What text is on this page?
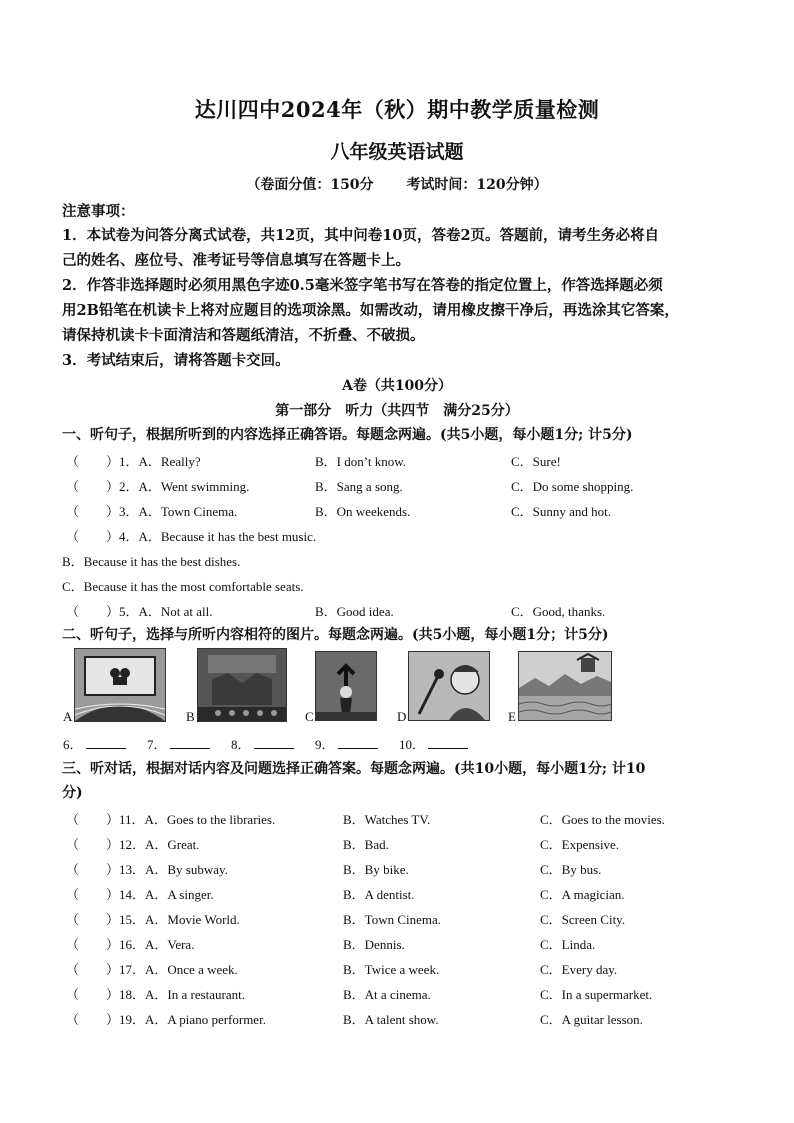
达川四中2024年（秋）期中教学质量检测
八年级英语试题
（卷面分值：150分 考试时间：120分钟）
注意事项：
1．本试卷为问答分离式试卷，共12页，其中问卷10页，答卷2页。答题前，请考生务必将自
己的姓名、座位号、准考证号等信息填写在答题卡上。
2．作答非选择题时必须用黑色字迹0.5毫米签字笔书写在答卷的指定位置上，作答选择题必须
用2B铅笔在机读卡上将对应题目的选项涂黑。如需改动，请用橡皮擦干净后，再选涂其它答案，
请保持机读卡卡面清洁和答题纸清洁，不折叠、不破损。
3．考试结束后，请将答题卡交回。
A卷（共100分）
第一部分　听力（共四节　满分25分）
一、听句子，根据所听到的内容选择正确答语。每题念两遍。(共5小题，每小题1分; 计5分)
（ ）1．A．Really?	B．I don’t know.	C．Sure!
（ ）2．A．Went swimming.	B．Sang a song.	C．Do some shopping.
（ ）3．A．Town Cinema.	B．On weekends.	C．Sunny and hot.
（ ）4．A．Because it has the best music.
B．Because it has the best dishes.
C．Because it has the most comfortable seats.
（ ）5．A．Not at all.	B．Good idea.	C．Good, thanks.
二、听句子，选择与所听内容相符的图片。每题念两遍。(共5小题，每小题1分；计5分)
A	B	C	D	E
6．	7．	8．	9．	10．
三、听对话，根据对话内容及问题选择正确答案。每题念两遍。(共10小题，每小题1分; 计10
分)
（ ）11．A．Goes to the libraries.	B．Watches TV.	C．Goes to the movies.
（ ）12．A．Great.	B．Bad.	C．Expensive.
（ ）13．A．By subway.	B．By bike.	C．By bus.
（ ）14．A．A singer.	B．A dentist.	C．A magician.
（ ）15．A．Movie World.	B．Town Cinema.	C．Screen City.
（ ）16．A．Vera.	B．Dennis.	C．Linda.
（ ）17．A．Once a week.	B．Twice a week.	C．Every day.
（ ）18．A．In a restaurant.	B．At a cinema.	C．In a supermarket.
（ ）19．A．A piano performer.	B．A talent show.	C．A guitar lesson.
